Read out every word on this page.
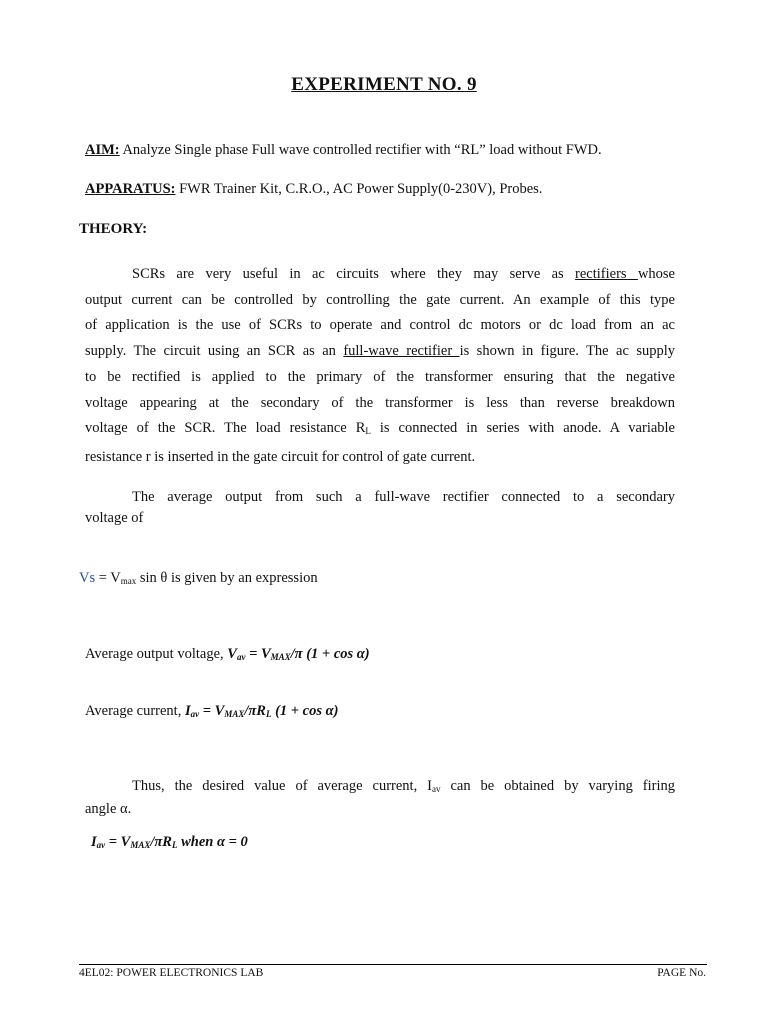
EXPERIMENT NO. 9
AIM: Analyze Single phase Full wave controlled rectifier with “RL” load without FWD.
APPARATUS: FWR Trainer Kit, C.R.O., AC Power Supply(0-230V), Probes.
THEORY:
SCRs are very useful in ac circuits where they may serve as rectifiers whose
output current can be controlled by controlling the gate current. An example of this type
of application is the use of SCRs to operate and control dc motors or dc load from an ac
supply. The circuit using an SCR as an full-wave rectifier is shown in figure. The ac supply
to be rectified is applied to the primary of the transformer ensuring that the negative
voltage appearing at the secondary of the transformer is less than reverse breakdown
voltage of the SCR. The load resistance $R_L$ is connected in series with anode. A variable
resistance r is inserted in the gate circuit for control of gate current.
The average output from such a full-wave rectifier connected to a secondary
voltage of
$Vs = V_{max}$ sin θ is given by an expression
Average output voltage, $V_{av} = V_{MAX}/\pi$ (1 + cos α)
Average current, $I_{av} = V_{MAX}/\pi R_L$ (1 + cos α)
Thus, the desired value of average current, $I_{av}$ can be obtained by varying firing
angle α.
$I_{av} = V_{MAX}/\pi R_L$ when α = 0
4EL02: POWER ELECTRONICS LAB	PAGE No.
